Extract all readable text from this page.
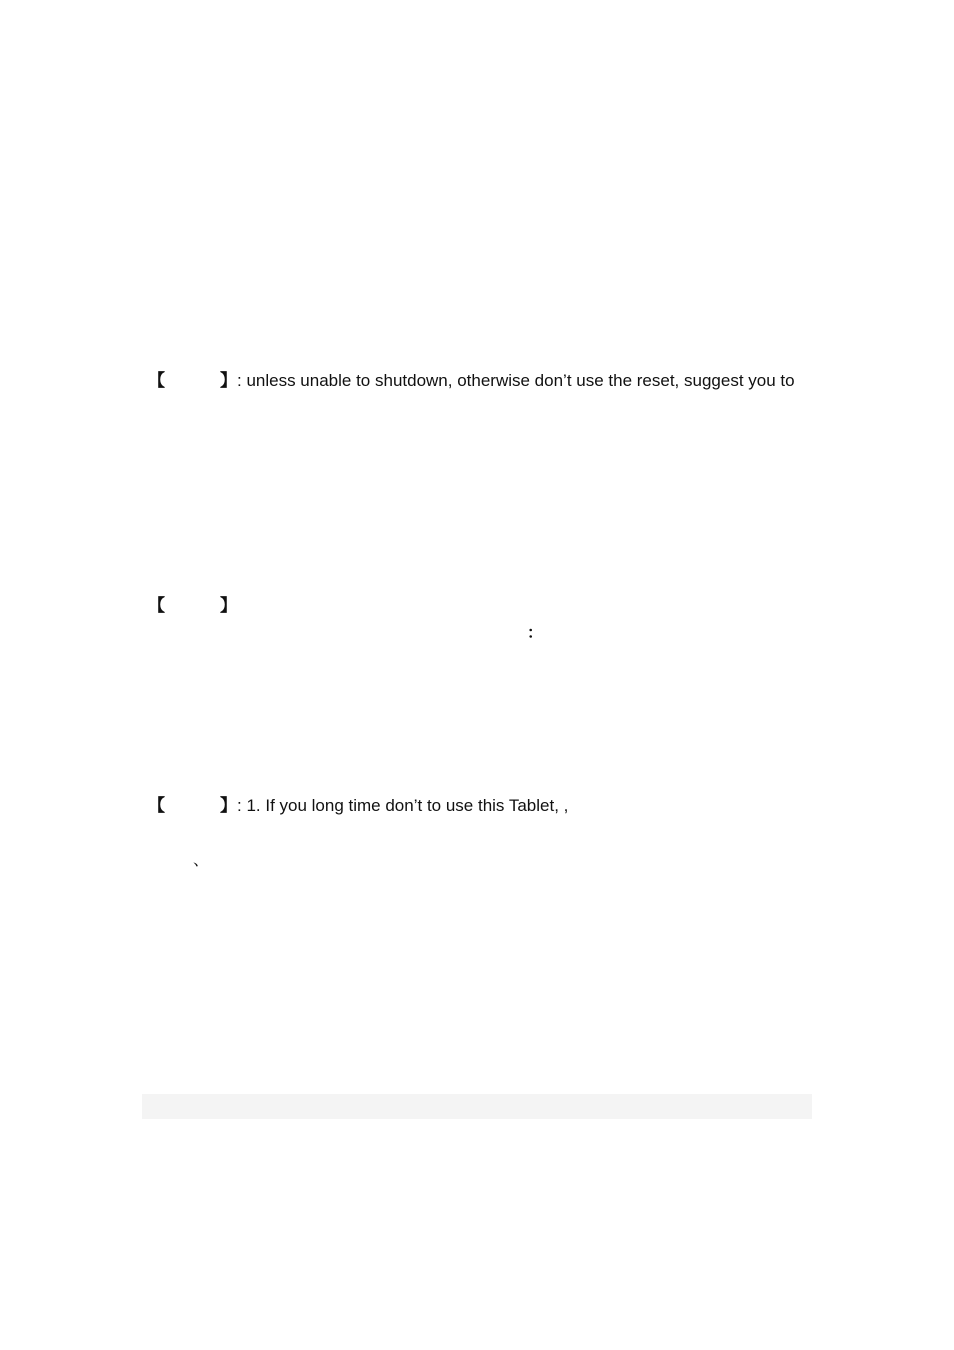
【	】: unless unable to shutdown, otherwise don’t use the reset, suggest you to
【	】
：
【	】: 1. If you long time don’t to use this Tablet, ,
、
